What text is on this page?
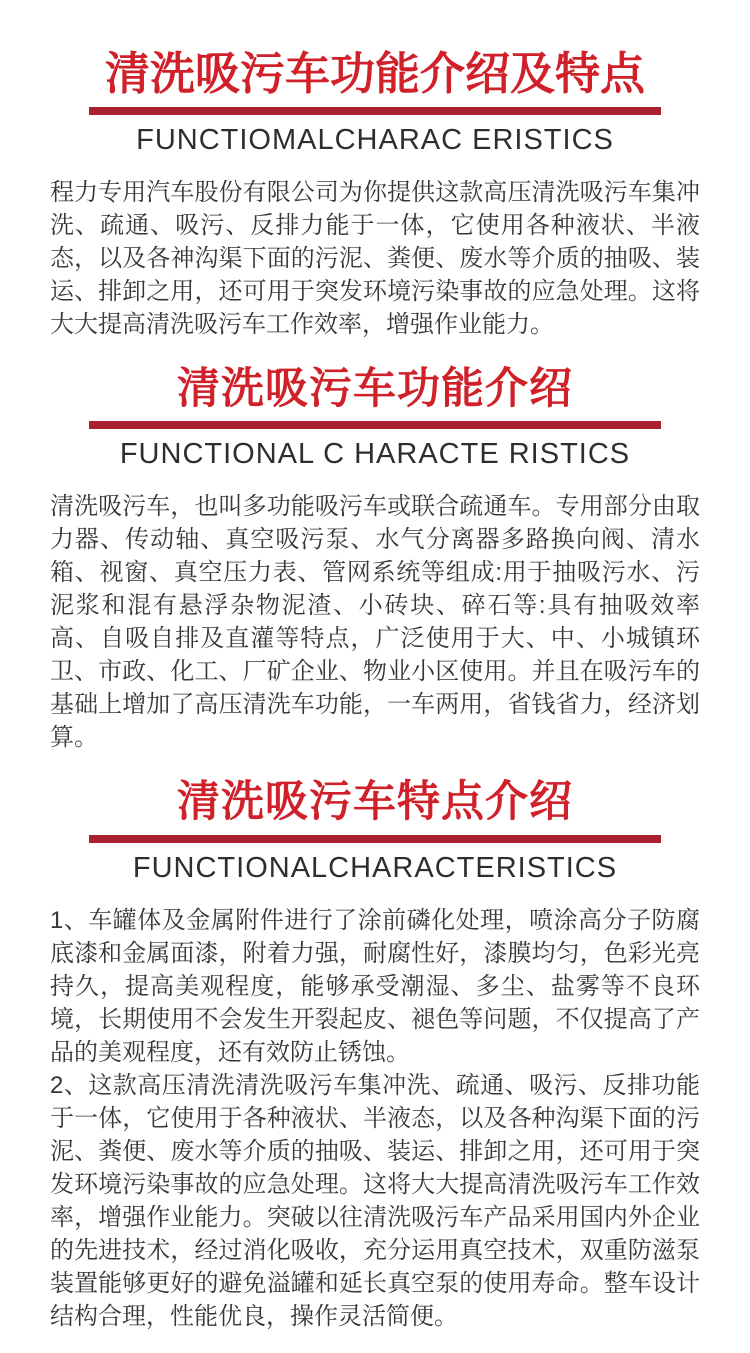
清洗吸污车功能介绍及特点
FUNCTIOMALCHARAC ERISTICS

程力专用汽车股份有限公司为你提供这款高压清洗吸污车集冲洗、疏通、吸污、反排力能于一体，它使用各种液状、半液态，以及各神沟渠下面的污泥、粪便、废水等介质的抽吸、装运、排卸之用，还可用于突发环境污染事故的应急处理。这将大大提高清洗吸污车工作效率，增强作业能力。

清洗吸污车功能介绍
FUNCTIONAL C HARACTE RISTICS

清洗吸污车，也叫多功能吸污车或联合疏通车。专用部分由取力器、传动轴、真空吸污泵、水气分离器多路换向阀、清水箱、视窗、真空压力表、管网系统等组成:用于抽吸污水、污泥浆和混有悬浮杂物泥渣、小砖块、碎石等:具有抽吸效率高、自吸自排及直灌等特点，广泛使用于大、中、小城镇环卫、市政、化工、厂矿企业、物业小区使用。并且在吸污车的基础上增加了高压清洗车功能，一车两用，省钱省力，经济划算。

清洗吸污车特点介绍
FUNCTIONALCHARACTERISTICS

1、车罐体及金属附件进行了涂前磷化处理，喷涂高分子防腐底漆和金属面漆，附着力强，耐腐性好，漆膜均匀，色彩光亮持久，提高美观程度，能够承受潮湿、多尘、盐雾等不良环境，长期使用不会发生开裂起皮、褪色等问题，不仅提高了产品的美观程度，还有效防止锈蚀。

2、这款高压清洗清洗吸污车集冲洗、疏通、吸污、反排功能于一体，它使用于各种液状、半液态，以及各种沟渠下面的污泥、粪便、废水等介质的抽吸、装运、排卸之用，还可用于突发环境污染事故的应急处理。这将大大提高清洗吸污车工作效率，增强作业能力。突破以往清洗吸污车产品采用国内外企业的先进技术，经过消化吸收，充分运用真空技术，双重防滋泵装置能够更好的避免溢罐和延长真空泵的使用寿命。整车设计结构合理，性能优良，操作灵活简便。
